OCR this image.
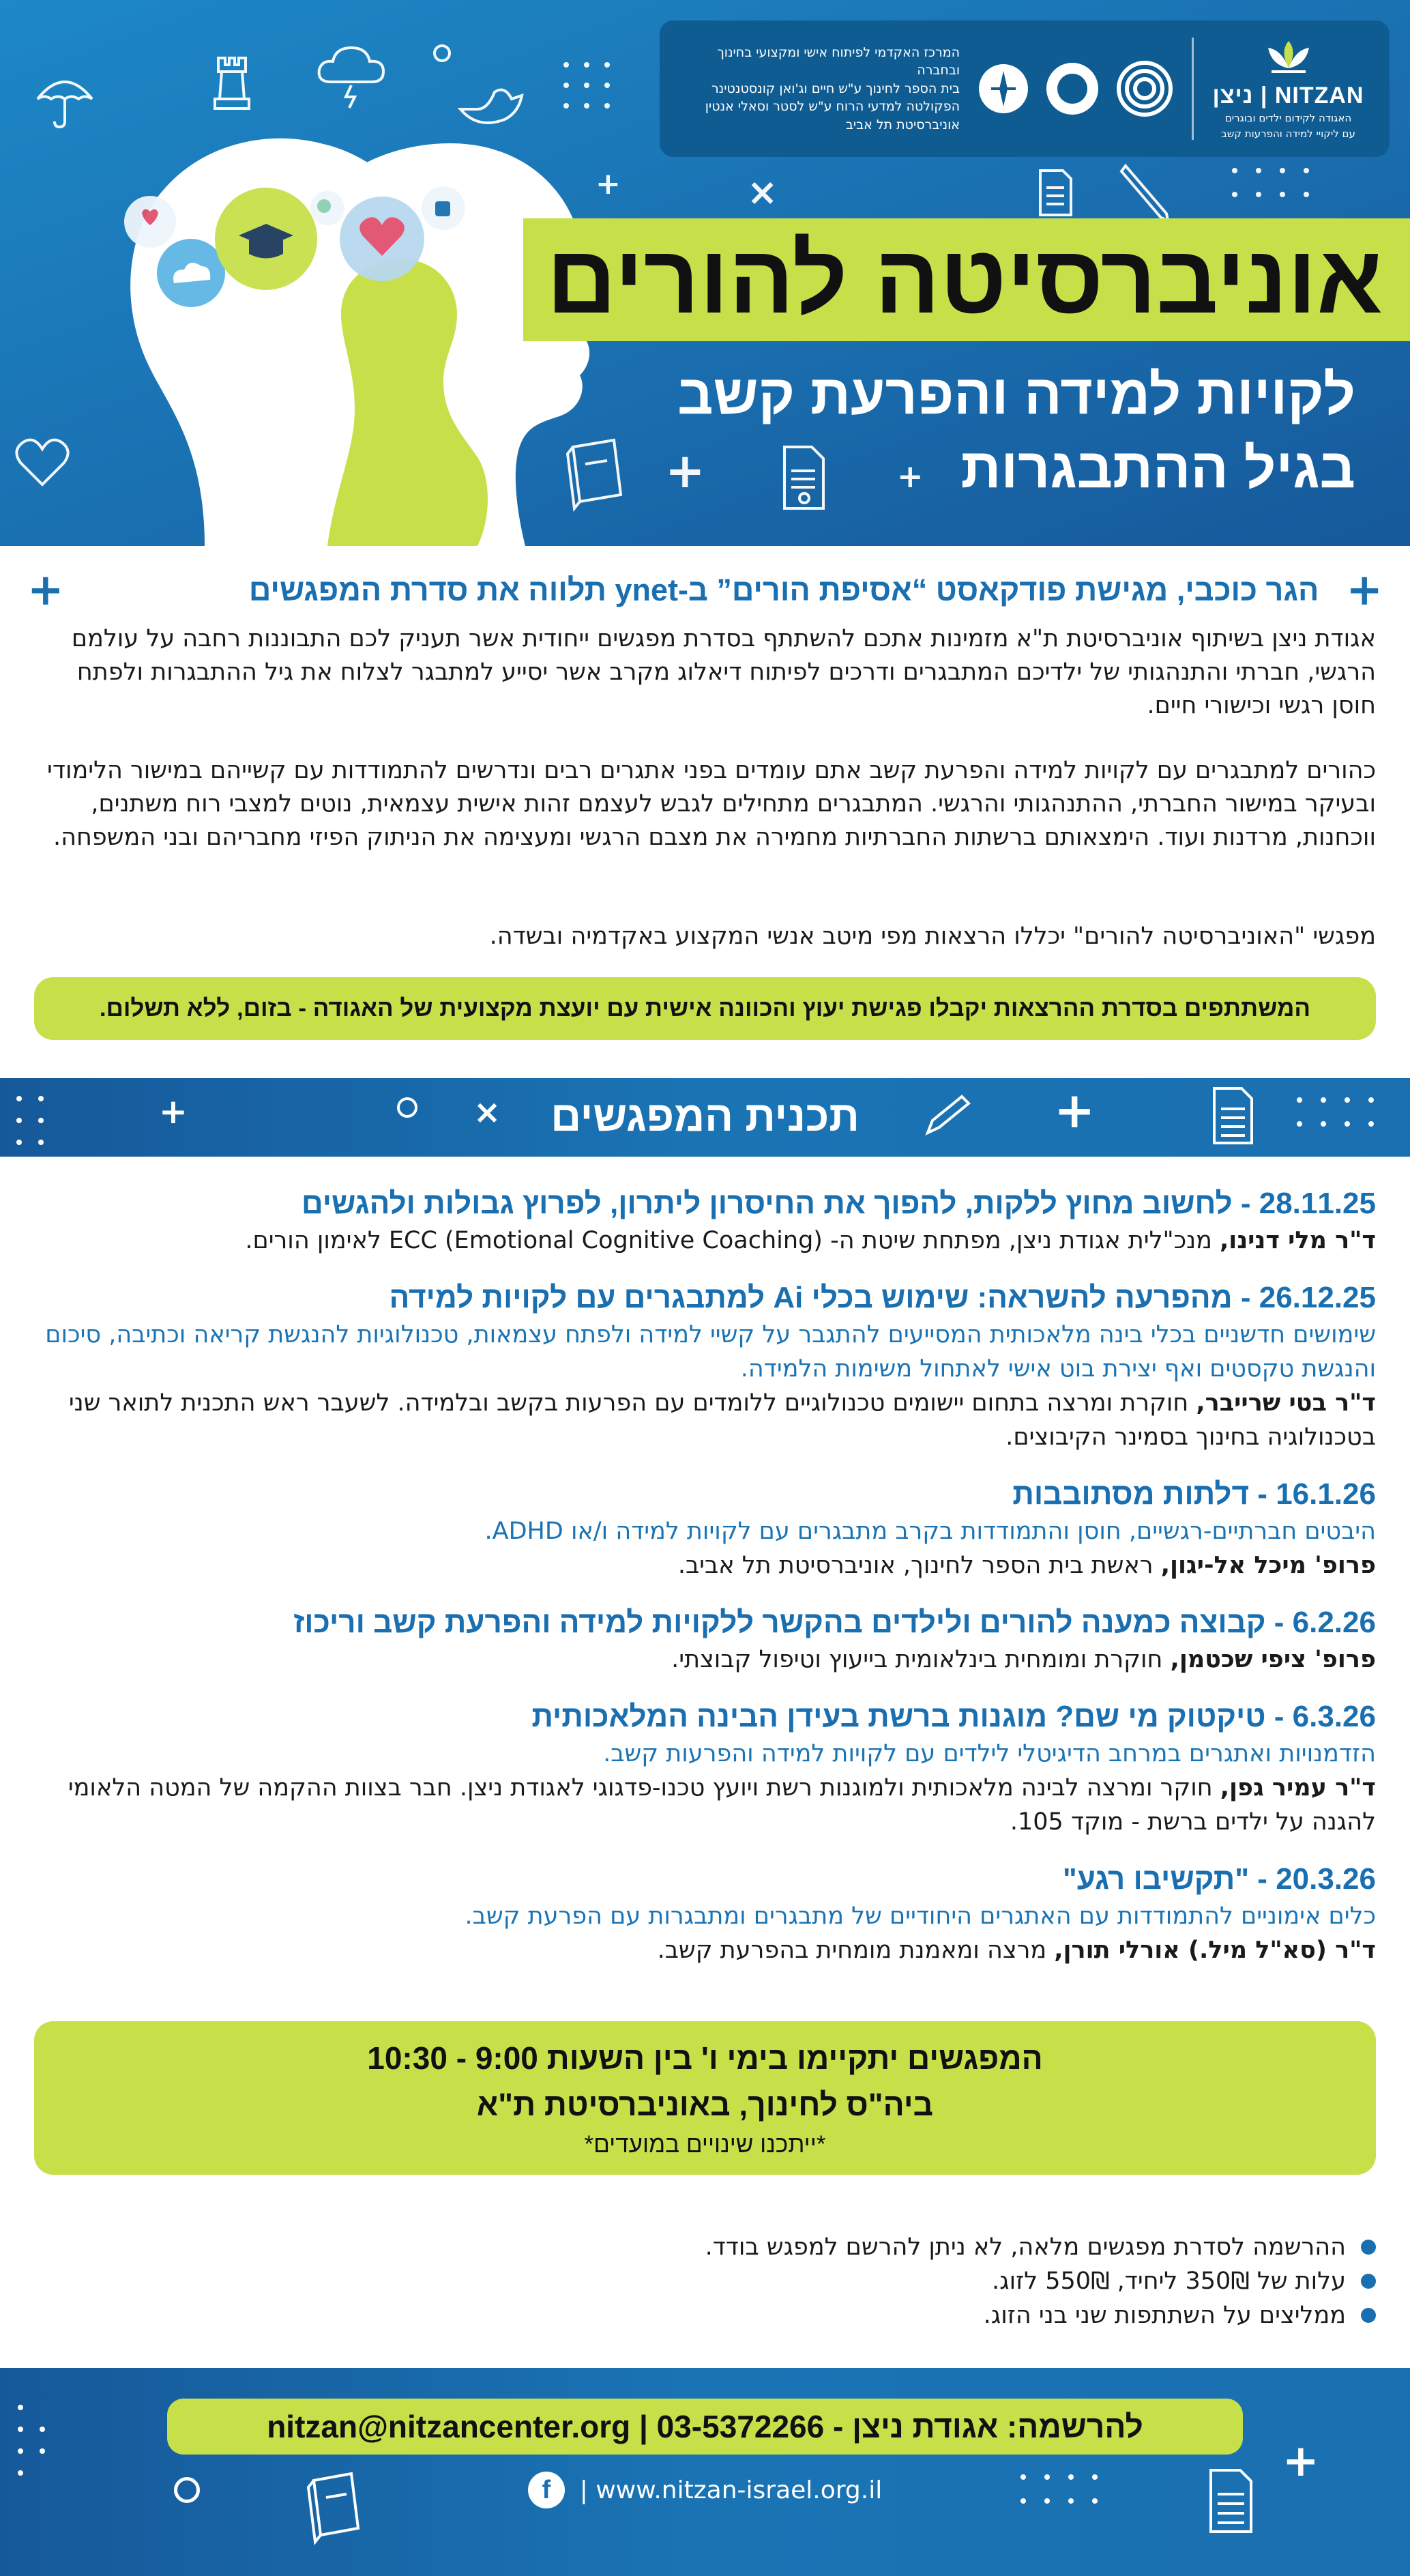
+	+
+	×
NITZAN | ניצן
האגודה לקידום ילדים ובוגרים
עם ליקויי למידה והפרעות קשב
המרכז האקדמי לפיתוח אישי ומקצועי בחינוך ובחברה
בית הספר לחינוך ע"ש חיים וג'ואן קונסטנטינר
הפקולטה למדעי הרוח ע"ש לסטר וסאלי אנטין
אוניברסיטת תל אביב
אוניברסיטה להורים
לקויות למידה והפרעת קשב
בגיל ההתבגרות
+
הגר כוכבי, מגישת פודקאסט “אסיפת הורים” ב-ynet תלווה את סדרת המפגשים
+

אגודת ניצן בשיתוף אוניברסיטת ת"א מזמינות אתכם להשתתף בסדרת מפגשים ייחודית אשר תעניק לכם התבוננות רחבה על עולמם הרגשי, חברתי והתנהגותי של ילדיכם המתבגרים ודרכים לפיתוח דיאלוג מקרב אשר יסייע למתבגר לצלוח את גיל ההתבגרות ולפתח חוסן רגשי וכישורי חיים.

כהורים למתבגרים עם לקויות למידה והפרעת קשב אתם עומדים בפני אתגרים רבים ונדרשים להתמודדות עם קשייהם במישור הלימודי ובעיקר במישור החברתי, ההתנהגותי והרגשי. המתבגרים מתחילים לגבש לעצמם זהות אישית עצמאית, נוטים למצבי רוח משתנים, ווכחנות, מרדנות ועוד. הימצאותם ברשתות החברתיות מחמירה את מצבם הרגשי ומעצימה את הניתוק הפיזי מחבריהם ובני המשפחה.

מפגשי "האוניברסיטה להורים" יכללו הרצאות מפי מיטב אנשי המקצוע באקדמיה ובשדה.

המשתתפים בסדרת ההרצאות יקבלו פגישת יעוץ והכוונה אישית עם יועצת מקצועית של האגודה - בזום, ללא תשלום.
+	×	+
תכנית המפגשים
28.11.25 - לחשוב מחוץ ללקות, להפוך את החיסרון ליתרון, לפרוץ גבולות ולהגשים
ד"ר מלי דנינו, מנכ"לית אגודת ניצן, מפתחת שיטת ה- ECC (Emotional Cognitive Coaching) לאימון הורים.
26.12.25 - מהפרעה להשראה: שימוש בכלי Ai למתבגרים עם לקויות למידה
שימושים חדשניים בכלי בינה מלאכותית המסייעים להתגבר על קשיי למידה ולפתח עצמאות, טכנולוגיות להנגשת קריאה וכתיבה, סיכום והנגשת טקסטים ואף יצירת בוט אישי לאתחול משימות הלמידה.
ד"ר בטי שרייבר, חוקרת ומרצה בתחום יישומים טכנולוגיים ללומדים עם הפרעות בקשב ובלמידה. לשעבר ראש התכנית לתואר שני בטכנולוגיה בחינוך בסמינר הקיבוצים.
16.1.26 - דלתות מסתובבות
היבטים חברתיים-רגשיים, חוסן והתמודדות בקרב מתבגרים עם לקויות למידה ו/או ADHD.
פרופ' מיכל אל-יגון, ראשת בית הספר לחינוך, אוניברסיטת תל אביב.
6.2.26 - קבוצה כמענה להורים ולילדים בהקשר ללקויות למידה והפרעת קשב וריכוז
פרופ' ציפי שכטמן, חוקרת ומומחית בינלאומית בייעוץ וטיפול קבוצתי.
6.3.26 - טיקטוק מי שם? מוגנות ברשת בעידן הבינה המלאכותית
הזדמנויות ואתגרים במרחב הדיגיטלי לילדים עם לקויות למידה והפרעות קשב.
ד"ר עמיר גפן, חוקר ומרצה לבינה מלאכותית ולמוגנות רשת ויועץ טכנו-פדגוגי לאגודת ניצן. חבר בצוות ההקמה של המטה הלאומי להגנה על ילדים ברשת - מוקד 105.
20.3.26 - "תקשיבו רגע"
כלים אימוניים להתמודדות עם האתגרים היחודיים של מתבגרים ומתבגרות עם הפרעת קשב.
ד"ר (סא"ל מיל.) אורלי תורן, מרצה ומאמנת מומחית בהפרעת קשב.
המפגשים יתקיימו בימי ו' בין השעות 9:00 - 10:30
ביה"ס לחינוך, באוניברסיטת ת"א
*ייתכנו שינויים במועדים*
ההרשמה לסדרת מפגשים מלאה, לא ניתן להרשם למפגש בודד.
עלות של 350₪ ליחיד, 550₪ לזוג.
ממליצים על השתתפות שני בני הזוג.
+
nitzan@nitzancenter.org | 03-5372266 - להרשמה: אגודת ניצן
f	| www.nitzan-israel.org.il
